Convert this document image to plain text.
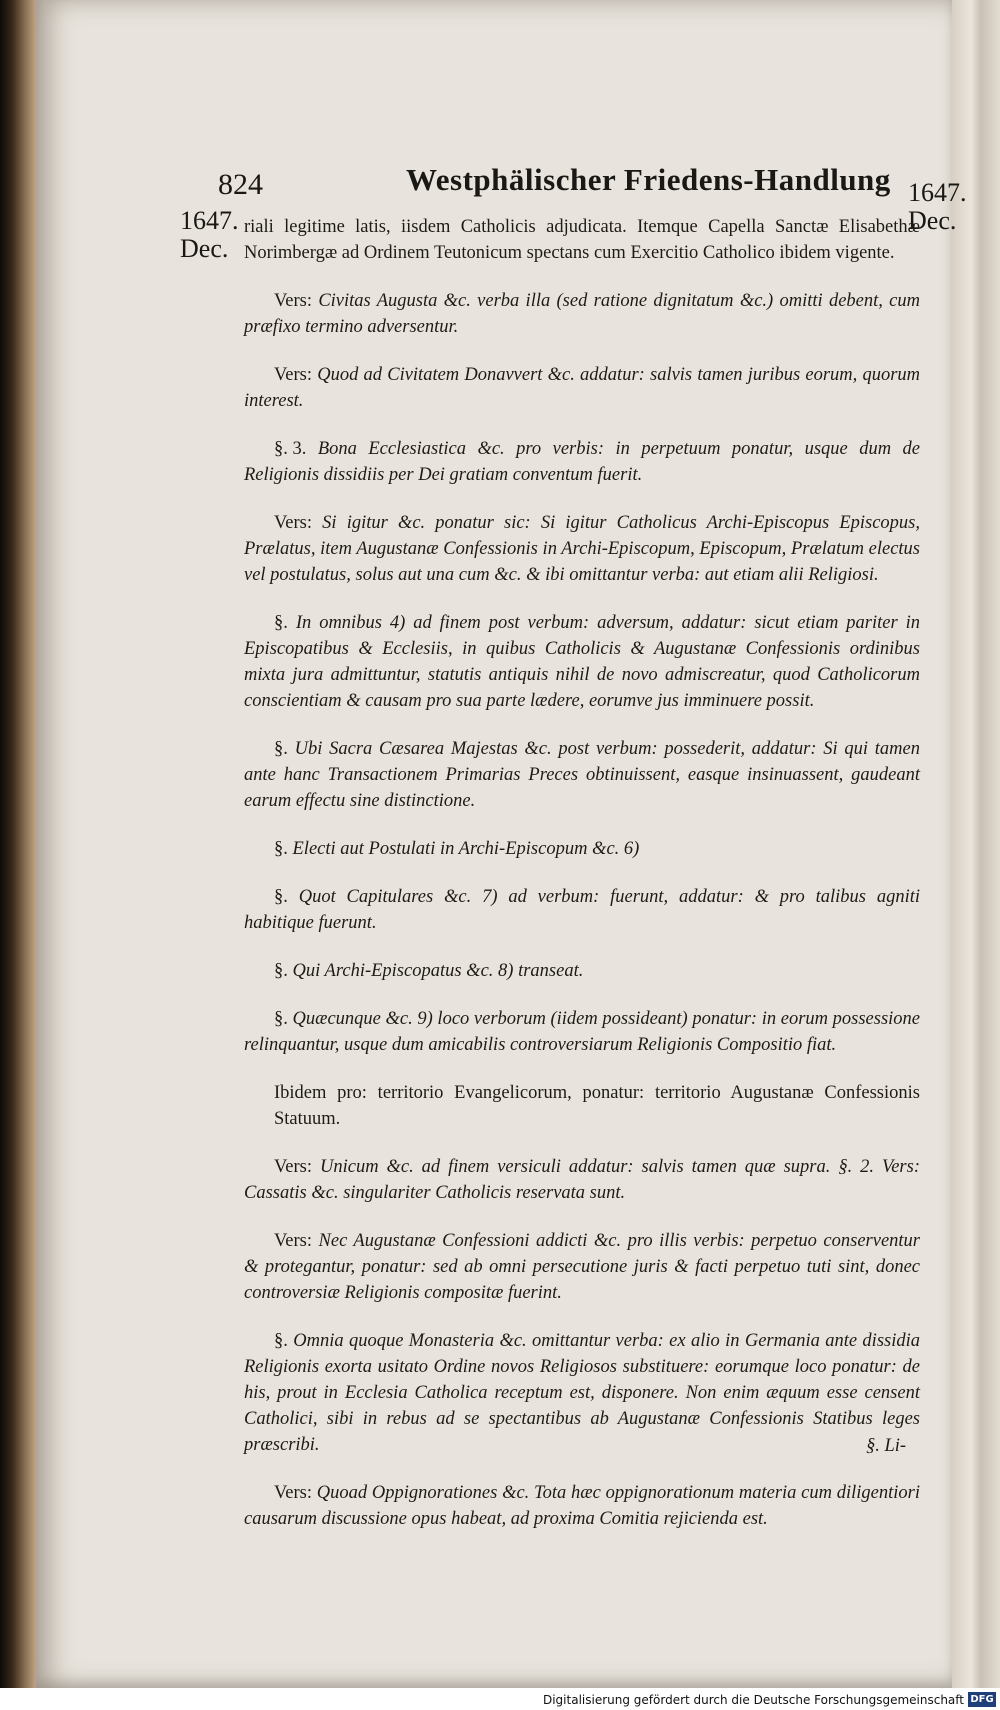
824	Westphälischer Friedens-Handlung
1647.
Dec.
1647.
Dec.

riali legitime latis, iisdem Catholicis adjudicata. Itemque Capella Sanctæ Elisabethæ Norimbergæ ad Ordinem Teutonicum spectans cum Exercitio Catholico ibidem vigente.

Vers: Civitas Augusta &c. verba illa (sed ratione dignitatum &c.) omitti debent, cum præfixo termino adversentur.

Vers: Quod ad Civitatem Donavvert &c. addatur: salvis tamen juribus eorum, quorum interest.

§. 3. Bona Ecclesiastica &c. pro verbis: in perpetuum ponatur, usque dum de Religionis dissidiis per Dei gratiam conventum fuerit.

Vers: Si igitur &c. ponatur sic: Si igitur Catholicus Archi-Episcopus Episcopus, Prælatus, item Augustanæ Confessionis in Archi-Episcopum, Episcopum, Prælatum electus vel postulatus, solus aut una cum &c. & ibi omittantur verba: aut etiam alii Religiosi.

§. In omnibus 4) ad finem post verbum: adversum, addatur: sicut etiam pariter in Episcopatibus & Ecclesiis, in quibus Catholicis & Augustanæ Confessionis ordinibus mixta jura admittuntur, statutis antiquis nihil de novo admiscreatur, quod Catholicorum conscientiam & causam pro sua parte lædere, eorumve jus imminuere possit.

§. Ubi Sacra Cæsarea Majestas &c. post verbum: possederit, addatur: Si qui tamen ante hanc Transactionem Primarias Preces obtinuissent, easque insinuassent, gaudeant earum effectu sine distinctione.

§. Electi aut Postulati in Archi-Episcopum &c. 6)

§. Quot Capitulares &c. 7) ad verbum: fuerunt, addatur: & pro talibus agniti habitique fuerunt.

§. Qui Archi-Episcopatus &c. 8) transeat.

§. Quæcunque &c. 9) loco verborum (iidem possideant) ponatur: in eorum possessione relinquantur, usque dum amicabilis controversiarum Religionis Compositio fiat.

Ibidem pro: territorio Evangelicorum, ponatur: territorio Augustanæ Confessionis Statuum.

Vers: Unicum &c. ad finem versiculi addatur: salvis tamen quæ supra. §. 2. Vers: Cassatis &c. singulariter Catholicis reservata sunt.

Vers: Nec Augustanæ Confessioni addicti &c. pro illis verbis: perpetuo conserventur & protegantur, ponatur: sed ab omni persecutione juris & facti perpetuo tuti sint, donec controversiæ Religionis compositæ fuerint.

§. Omnia quoque Monasteria &c. omittantur verba: ex alio in Germania ante dissidia Religionis exorta usitato Ordine novos Religiosos substituere: eorumque loco ponatur: de his, prout in Ecclesia Catholica receptum est, disponere. Non enim æquum esse censent Catholici, sibi in rebus ad se spectantibus ab Augustanæ Confessionis Statibus leges præscribi.

Vers: Quoad Oppignorationes &c. Tota hæc oppignorationum materia cum diligentiori causarum discussione opus habeat, ad proxima Comitia rejicienda est.

§. Li-
Digitalisierung gefördert durch die Deutsche Forschungsgemeinschaft DFG
